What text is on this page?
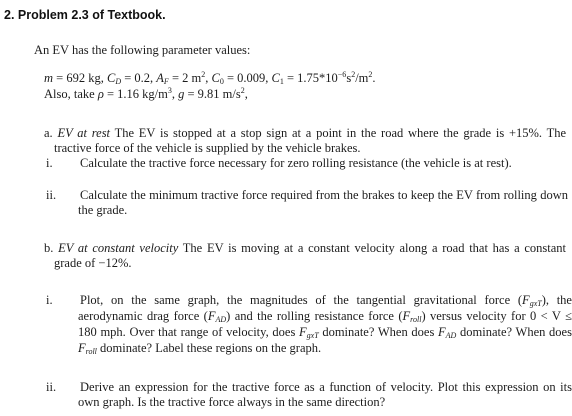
2. Problem 2.3 of Textbook.
An EV has the following parameter values:
m = 692 kg, $C_D = 0.2$, $A_F = 2$ $m^2$, $C_0 = 0.009$, $C_1 = 1.75*10^{-6}s^2/m^2$.
Also, take ρ = 1.16 $kg/m^3$, g = 9.81 $m/s^2$,
a. EV at rest The EV is stopped at a stop sign at a point in the road where the grade is +15%. The tractive force of the vehicle is supplied by the vehicle brakes.
i. Calculate the tractive force necessary for zero rolling resistance (the vehicle is at rest).
ii. Calculate the minimum tractive force required from the brakes to keep the EV from rolling down the grade.
b. EV at constant velocity The EV is moving at a constant velocity along a road that has a constant grade of −12%.
i. Plot, on the same graph, the magnitudes of the tangential gravitational force $(F_{gxT})$, the aerodynamic drag force $(F_{AD})$ and the rolling resistance force $(F_{roll})$ versus velocity for 0 < V ≤ 180 mph. Over that range of velocity, does $F_{gxT}$ dominate? When does $F_{AD}$ dominate? When does $F_{roll}$ dominate? Label these regions on the graph.
ii. Derive an expression for the tractive force as a function of velocity. Plot this expression on its own graph. Is the tractive force always in the same direction?
